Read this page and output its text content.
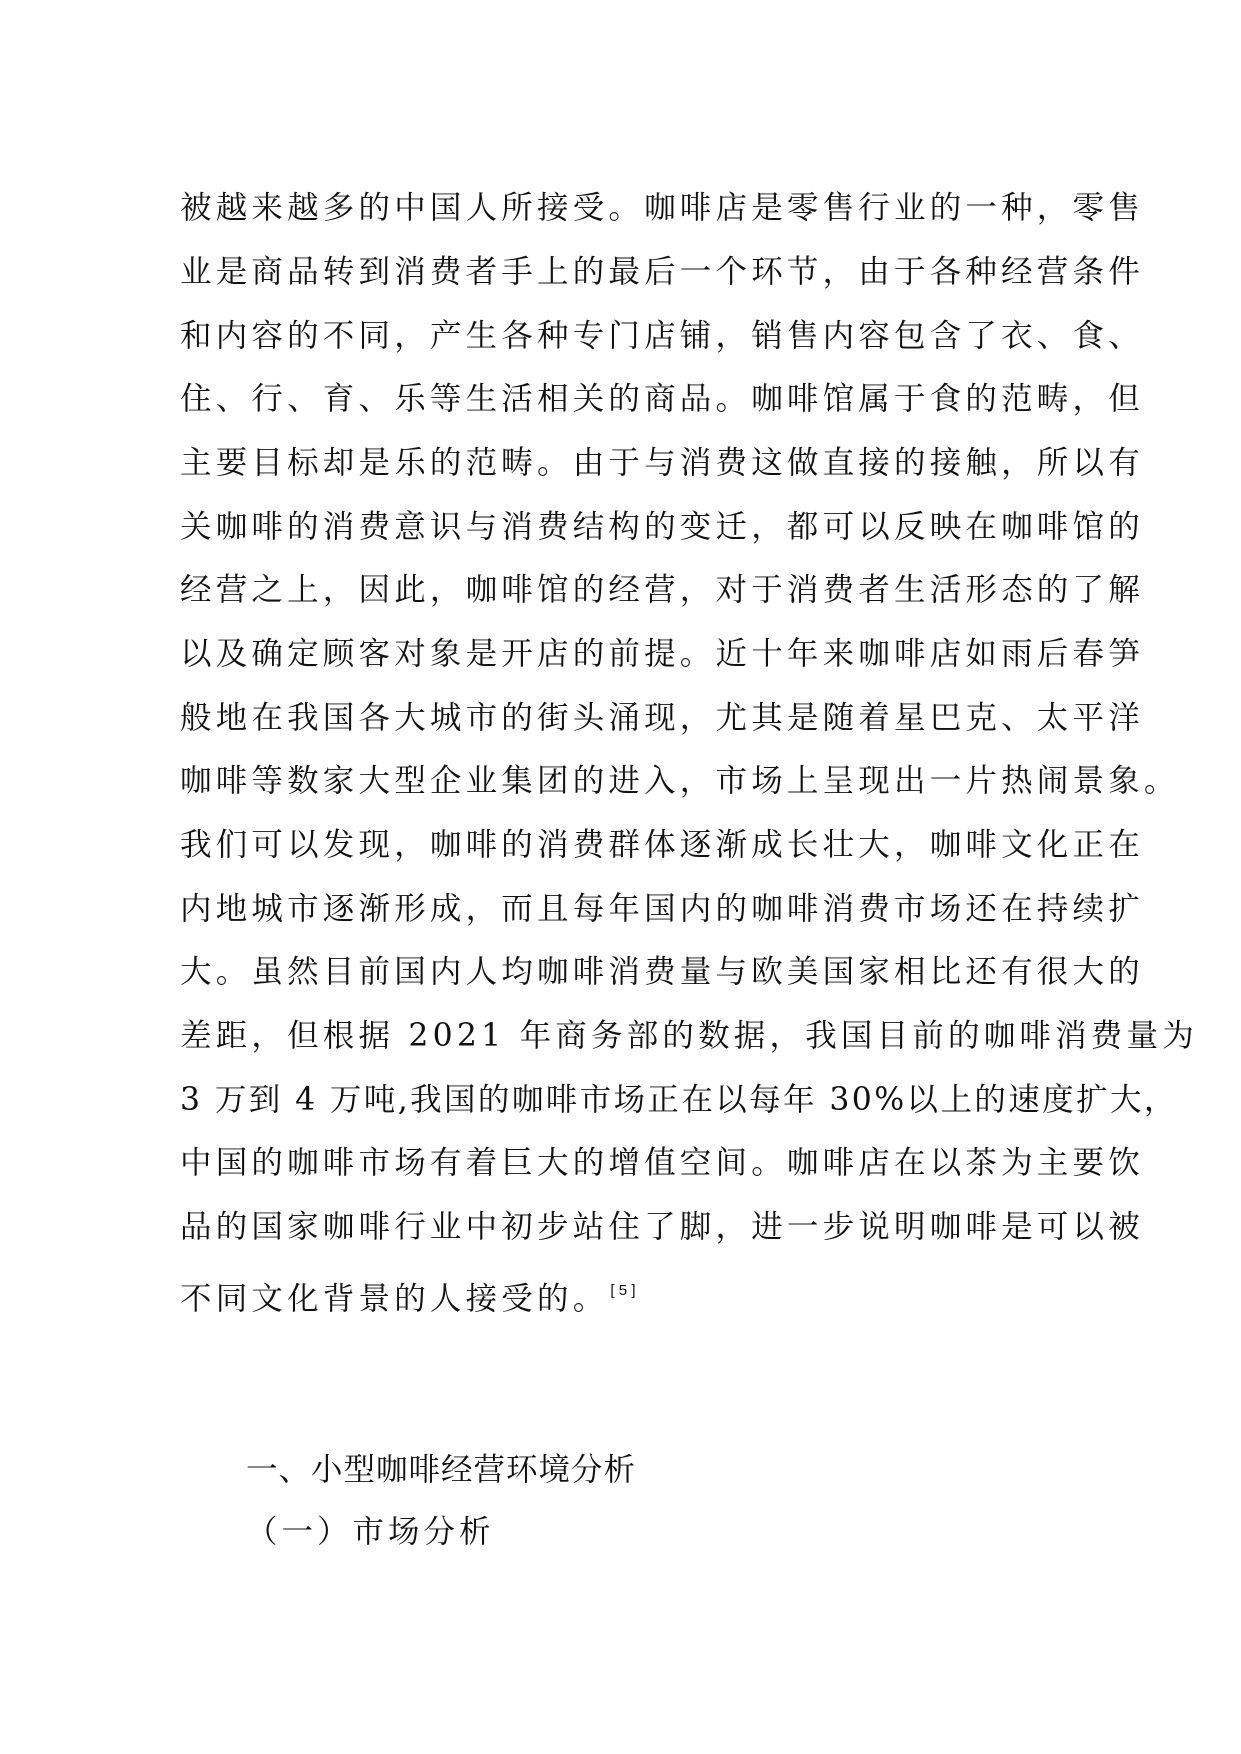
被越来越多的中国人所接受。咖啡店是零售行业的一种，零售
业是商品转到消费者手上的最后一个环节，由于各种经营条件
和内容的不同，产生各种专门店铺，销售内容包含了衣、食、
住、行、育、乐等生活相关的商品。咖啡馆属于食的范畴，但
主要目标却是乐的范畴。由于与消费这做直接的接触，所以有
关咖啡的消费意识与消费结构的变迁，都可以反映在咖啡馆的
经营之上，因此，咖啡馆的经营，对于消费者生活形态的了解
以及确定顾客对象是开店的前提。近十年来咖啡店如雨后春笋
般地在我国各大城市的街头涌现，尤其是随着星巴克、太平洋
咖啡等数家大型企业集团的进入，市场上呈现出一片热闹景象。
我们可以发现，咖啡的消费群体逐渐成长壮大，咖啡文化正在
内地城市逐渐形成，而且每年国内的咖啡消费市场还在持续扩
大。虽然目前国内人均咖啡消费量与欧美国家相比还有很大的
差距，但根据 2021 年商务部的数据，我国目前的咖啡消费量为
3 万到 4 万吨,我国的咖啡市场正在以每年 30%以上的速度扩大，
中国的咖啡市场有着巨大的增值空间。咖啡店在以茶为主要饮
品的国家咖啡行业中初步站住了脚，进一步说明咖啡是可以被
不同文化背景的人接受的。 [5]
一、小型咖啡经营环境分析
（一）市场分析
